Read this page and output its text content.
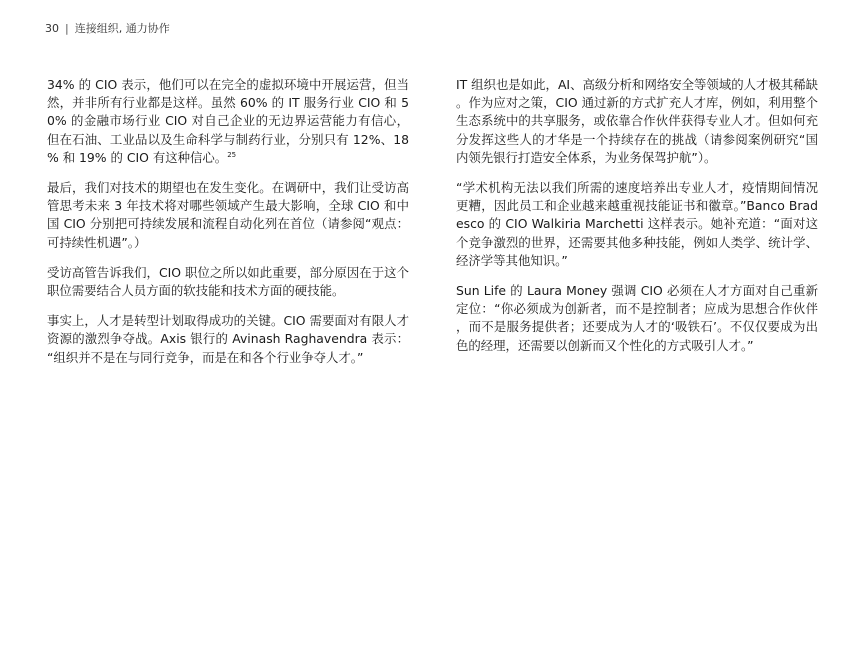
30 | 连接组织, 通力协作

34% 的 CIO 表示，他们可以在完全的虚拟环境中开展运营，但当然，并非所有行业都是这样。虽然 60% 的 IT 服务行业 CIO 和 50% 的金融市场行业 CIO 对自己企业的无边界运营能力有信心，但在石油、工业品以及生命科学与制药行业，分别只有 12%、18% 和 19% 的 CIO 有这种信心。$^{25}$

最后，我们对技术的期望也在发生变化。在调研中，我们让受访高管思考未来 3 年技术将对哪些领域产生最大影响，全球 CIO 和中国 CIO 分别把可持续发展和流程自动化列在首位（请参阅“观点：可持续性机遇”。）

受访高管告诉我们，CIO 职位之所以如此重要，部分原因在于这个职位需要结合人员方面的软技能和技术方面的硬技能。

事实上，人才是转型计划取得成功的关键。CIO 需要面对有限人才资源的激烈争夺战。Axis 银行的 Avinash Raghavendra 表示：“组织并不是在与同行竞争，而是在和各个行业争夺人才。”

IT 组织也是如此，AI、高级分析和网络安全等领域的人才极其稀缺。作为应对之策，CIO 通过新的方式扩充人才库，例如，利用整个生态系统中的共享服务，或依靠合作伙伴获得专业人才。但如何充分发挥这些人的才华是一个持续存在的挑战（请参阅案例研究“国内领先银行打造安全体系，为业务保驾护航”）。

“学术机构无法以我们所需的速度培养出专业人才，疫情期间情况更糟，因此员工和企业越来越重视技能证书和徽章。”Banco Bradesco 的 CIO Walkiria Marchetti 这样表示。她补充道：“面对这个竞争激烈的世界，还需要其他多种技能，例如人类学、统计学、经济学等其他知识。”

Sun Life 的 Laura Money 强调 CIO 必须在人才方面对自己重新定位：“你必须成为创新者，而不是控制者；应成为思想合作伙伴，而不是服务提供者；还要成为人才的‘吸铁石’。不仅仅要成为出色的经理，还需要以创新而又个性化的方式吸引人才。”
